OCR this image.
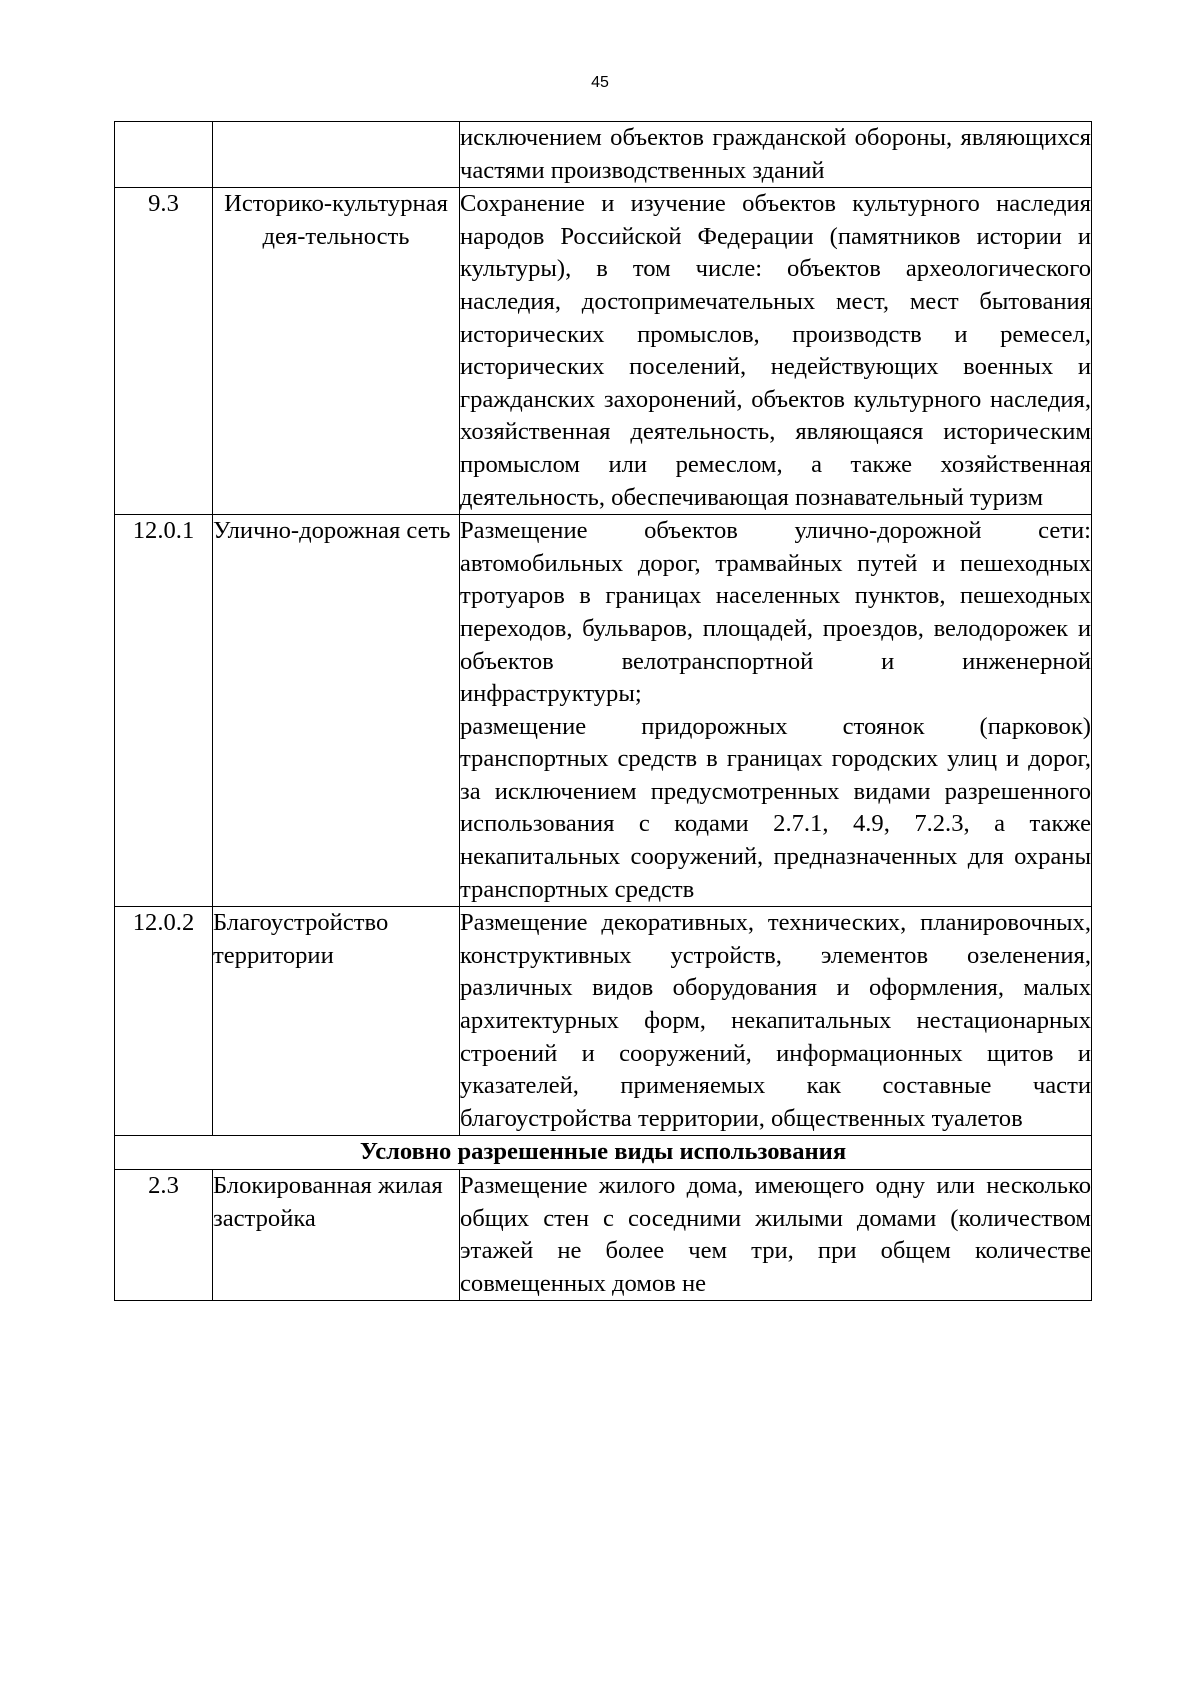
45

		исключением объектов гражданской обороны, являющихся частями производственных зданий

9.3	Историко-культурная дея-тельность	Сохранение и изучение объектов культурного наследия народов Российской Федерации (памятников истории и культуры), в том числе: объектов археологического наследия, достопримечательных мест, мест бытования исторических промыслов, производств и ремесел, исторических поселений, недействующих военных и гражданских захоронений, объектов культурного наследия, хозяйственная деятельность, являющаяся историческим промыслом или ремеслом, а также хозяйственная деятельность, обеспечивающая познавательный туризм

12.0.1	Улично-дорожная сеть	Размещение объектов улично-дорожной сети: автомобильных дорог, трамвайных путей и пешеходных тротуаров в границах населенных пунктов, пешеходных переходов, бульваров, площадей, проездов, велодорожек и объектов велотранспортной и инженерной инфраструктуры;
размещение придорожных стоянок (парковок) транспортных средств в границах городских улиц и дорог, за исключением предусмотренных видами разрешенного использования с кодами 2.7.1, 4.9, 7.2.3, а также некапитальных сооружений, предназначенных для охраны транспортных средств

12.0.2	Благоустройство территории	Размещение декоративных, технических, планировочных, конструктивных устройств, элементов озеленения, различных видов оборудования и оформления, малых архитектурных форм, некапитальных нестационарных строений и сооружений, информационных щитов и указателей, применяемых как составные части благоустройства территории, общественных туалетов

Условно разрешенные виды использования		
2.3	Блокированная жилая застройка	Размещение жилого дома, имеющего одну или несколько общих стен с соседними жилыми домами (количеством этажей не более чем три, при общем количестве совмещенных домов не
